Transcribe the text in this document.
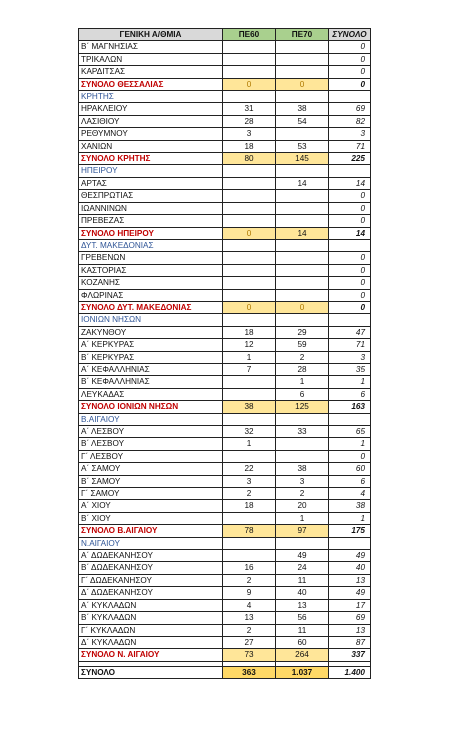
ΓΕΝΙΚΗ Α/ΘΜΙΑ	ΠΕ60	ΠΕ70	ΣΥΝΟΛΟ
Β΄ ΜΑΓΝΗΣΙΑΣ			0
ΤΡΙΚΑΛΩΝ			0
ΚΑΡΔΙΤΣΑΣ			0
ΣΥΝΟΛΟ ΘΕΣΣΑΛΙΑΣ	0	0	0
ΚΡΗΤΗΣ			
ΗΡΑΚΛΕΙΟΥ	31	38	69
ΛΑΣΙΘΙΟΥ	28	54	82
ΡΕΘΥΜΝΟΥ	3		3
ΧΑΝΙΩΝ	18	53	71
ΣΥΝΟΛΟ ΚΡΗΤΗΣ	80	145	225
ΗΠΕΙΡΟΥ			
ΑΡΤΑΣ		14	14
ΘΕΣΠΡΩΤΙΑΣ			0
ΙΩΑΝΝΙΝΩΝ			0
ΠΡΕΒΕΖΑΣ			0
ΣΥΝΟΛΟ ΗΠΕΙΡΟΥ	0	14	14
ΔΥΤ. ΜΑΚΕΔΟΝΙΑΣ			
ΓΡΕΒΕΝΩΝ			0
ΚΑΣΤΟΡΙΑΣ			0
ΚΟΖΑΝΗΣ			0
ΦΛΩΡΙΝΑΣ			0
ΣΥΝΟΛΟ ΔΥΤ. ΜΑΚΕΔΟΝΙΑΣ	0	0	0
ΙΟΝΙΩΝ ΝΗΣΩΝ			
ΖΑΚΥΝΘΟΥ	18	29	47
Α΄ ΚΕΡΚΥΡΑΣ	12	59	71
Β΄ ΚΕΡΚΥΡΑΣ	1	2	3
Α΄ ΚΕΦΑΛΛΗΝΙΑΣ	7	28	35
Β΄ ΚΕΦΑΛΛΗΝΙΑΣ		1	1
ΛΕΥΚΑΔΑΣ		6	6
ΣΥΝΟΛΟ ΙΟΝΙΩΝ ΝΗΣΩΝ	38	125	163
Β.ΑΙΓΑΙΟΥ			
Α΄ ΛΕΣΒΟΥ	32	33	65
Β΄ ΛΕΣΒΟΥ	1		1
Γ΄ ΛΕΣΒΟΥ			0
Α΄ ΣΑΜΟΥ	22	38	60
Β΄ ΣΑΜΟΥ	3	3	6
Γ΄ ΣΑΜΟΥ	2	2	4
Α΄ ΧΙΟΥ	18	20	38
Β΄ ΧΙΟΥ		1	1
ΣΥΝΟΛΟ Β.ΑΙΓΑΙΟΥ	78	97	175
Ν.ΑΙΓΑΙΟΥ			
Α΄ ΔΩΔΕΚΑΝΗΣΟΥ		49	49
Β΄ ΔΩΔΕΚΑΝΗΣΟΥ	16	24	40
Γ΄ ΔΩΔΕΚΑΝΗΣΟΥ	2	11	13
Δ΄ ΔΩΔΕΚΑΝΗΣΟΥ	9	40	49
Α΄ ΚΥΚΛΑΔΩΝ	4	13	17
Β΄ ΚΥΚΛΑΔΩΝ	13	56	69
Γ΄ ΚΥΚΛΑΔΩΝ	2	11	13
Δ΄ ΚΥΚΛΑΔΩΝ	27	60	87
ΣΥΝΟΛΟ Ν. ΑΙΓΑΙΟΥ	73	264	337

ΣΥΝΟΛΟ	363	1.037	1.400
